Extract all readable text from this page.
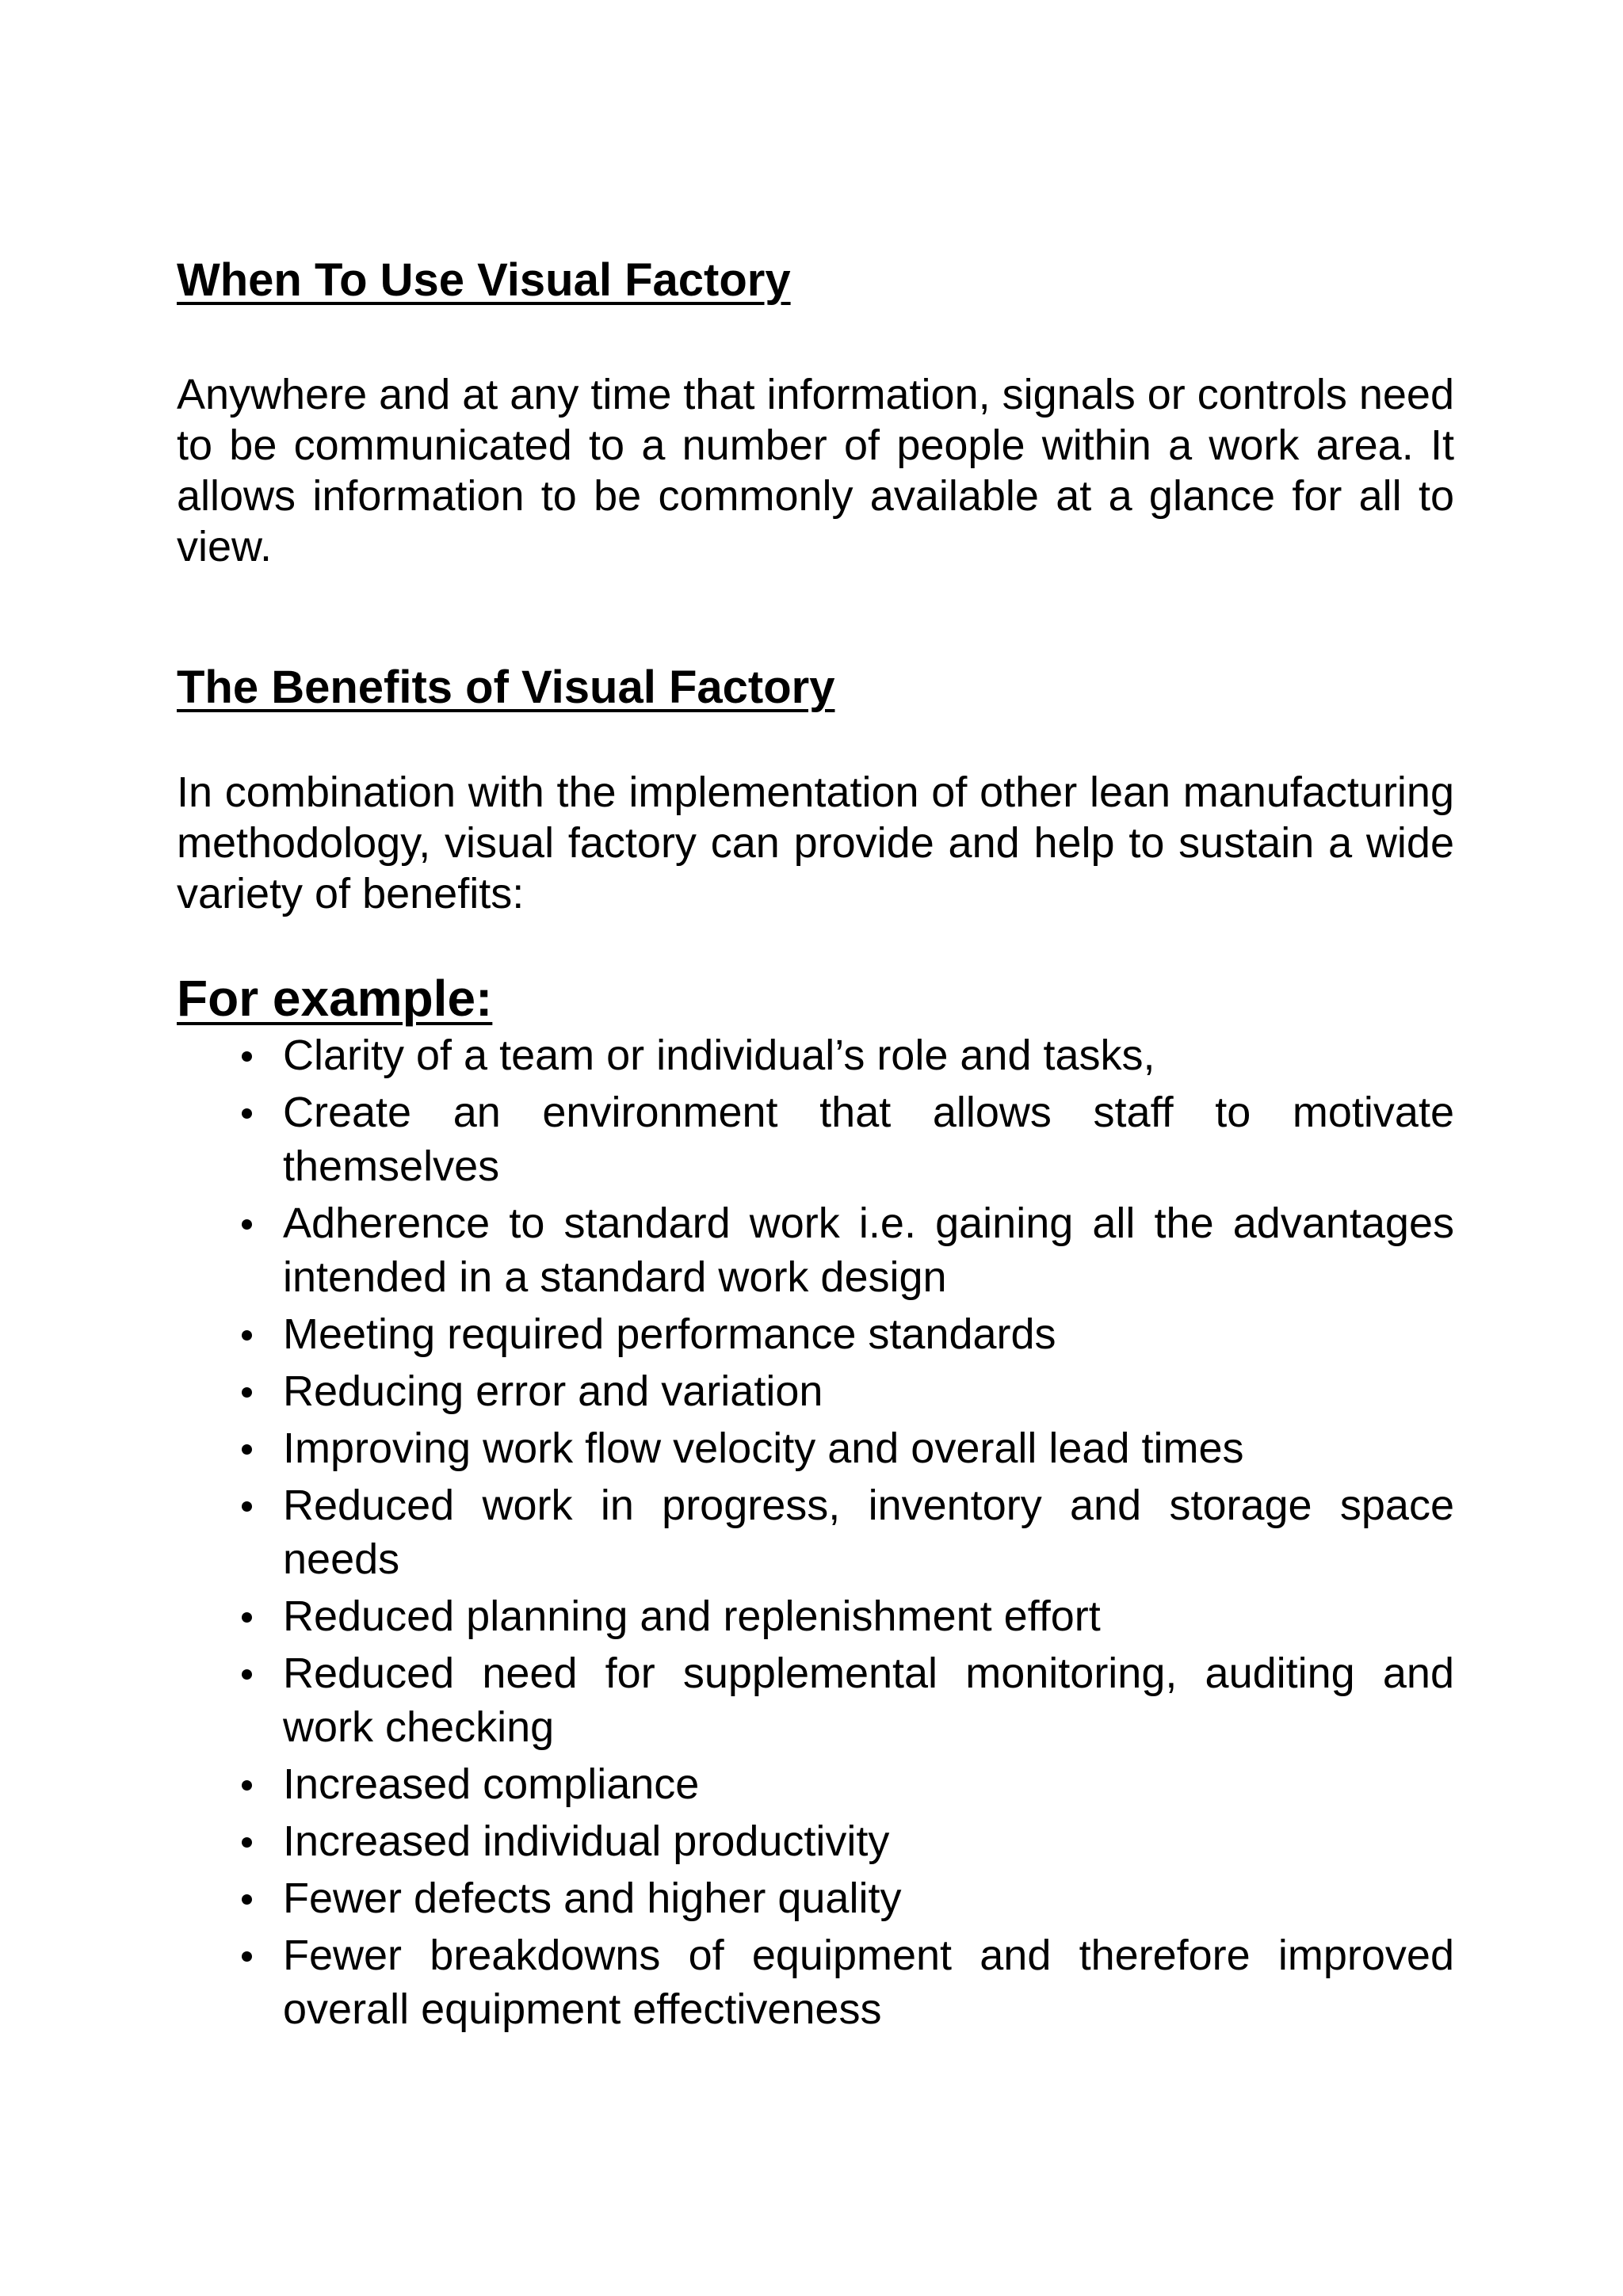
When To Use Visual Factory

Anywhere and at any time that information, signals or controls need to be communicated to a number of people within a work area. It allows information to be commonly available at a glance for all to view.

The Benefits of Visual Factory

In combination with the implementation of other lean manufacturing methodology, visual factory can provide and help to sustain a wide variety of benefits:

For example:
Clarity of a team or individual’s role and tasks,
Create an environment that allows staff to motivate themselves
Adherence to standard work i.e. gaining all the advantages intended in a standard work design
Meeting required performance standards
Reducing error and variation
Improving work flow velocity and overall lead times
Reduced work in progress, inventory and storage space needs
Reduced planning and replenishment effort
Reduced need for supplemental monitoring, auditing and work checking
Increased compliance
Increased individual productivity
Fewer defects and higher quality
Fewer breakdowns of equipment and therefore improved overall equipment effectiveness
